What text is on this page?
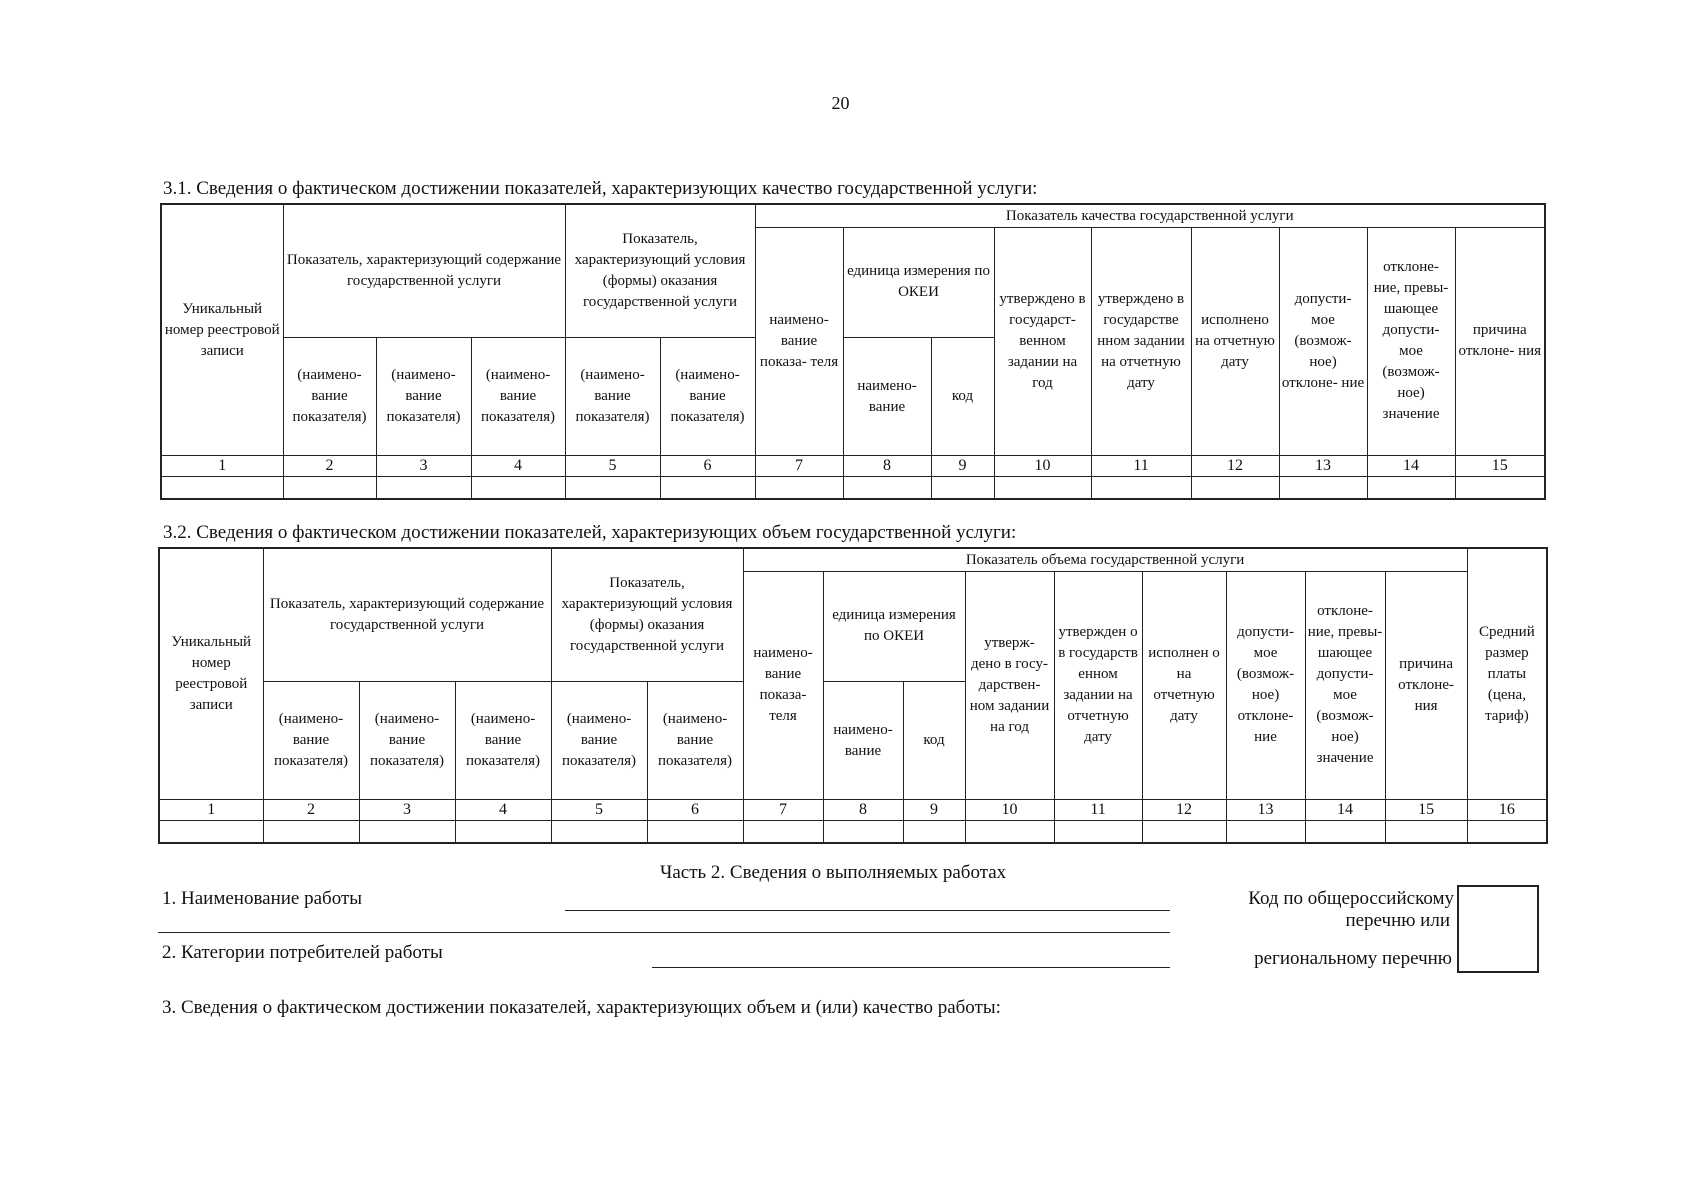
20
3.1. Сведения о фактическом достижении показателей, характеризующих качество государственной услуги:
Уникальный номер реестровой записи	Показатель, характеризующий содержание государственной услуги			Показатель, характеризующий условия (формы) оказания государственной услуги		Показатель качества государственной услуги								
						наимено- вание показа- теля	единица измерения по ОКЕИ		утверждено в государст- венном задании на год	утверждено в государстве нном задании на отчетную дату	исполнено на отчетную дату	допусти- мое (возмож- ное) отклоне- ние	отклоне- ние, превы- шающее допусти- мое (возмож- ное) значение	причина отклоне- ния
	(наимено- вание показателя)	(наимено- вание показателя)	(наимено- вание показателя)	(наимено- вание показателя)	(наимено- вание показателя)		наимено- вание	код						
1	2	3	4	5	6	7	8	9	10	11	12	13	14	15

3.2. Сведения о фактическом достижении показателей, характеризующих объем государственной услуги:
Уникальный номер реестровой записи	Показатель, характеризующий содержание государственной услуги			Показатель, характеризующий условия (формы) оказания государственной услуги		Показатель объема государственной услуги									Средний размер платы (цена, тариф)
						наимено- вание показа- теля	единица измерения по ОКЕИ		утверж- дено в госу- дарствен- ном задании на год	утвержден о в государств енном задании на отчетную дату	исполнен о на отчетную дату	допусти- мое (возмож- ное) отклоне- ние	отклоне- ние, превы- шающее допусти- мое (возмож- ное) значение	причина отклоне- ния	
	(наимено- вание показателя)	(наимено- вание показателя)	(наимено- вание показателя)	(наимено- вание показателя)	(наимено- вание показателя)		наимено- вание	код							
1	2	3	4	5	6	7	8	9	10	11	12	13	14	15	16

Часть 2. Сведения о выполняемых работах
1. Наименование работы
2. Категории потребителей работы
Код по общероссийскому
перечню или
региональному перечню
3. Сведения о фактическом достижении показателей, характеризующих объем и (или) качество работы:
